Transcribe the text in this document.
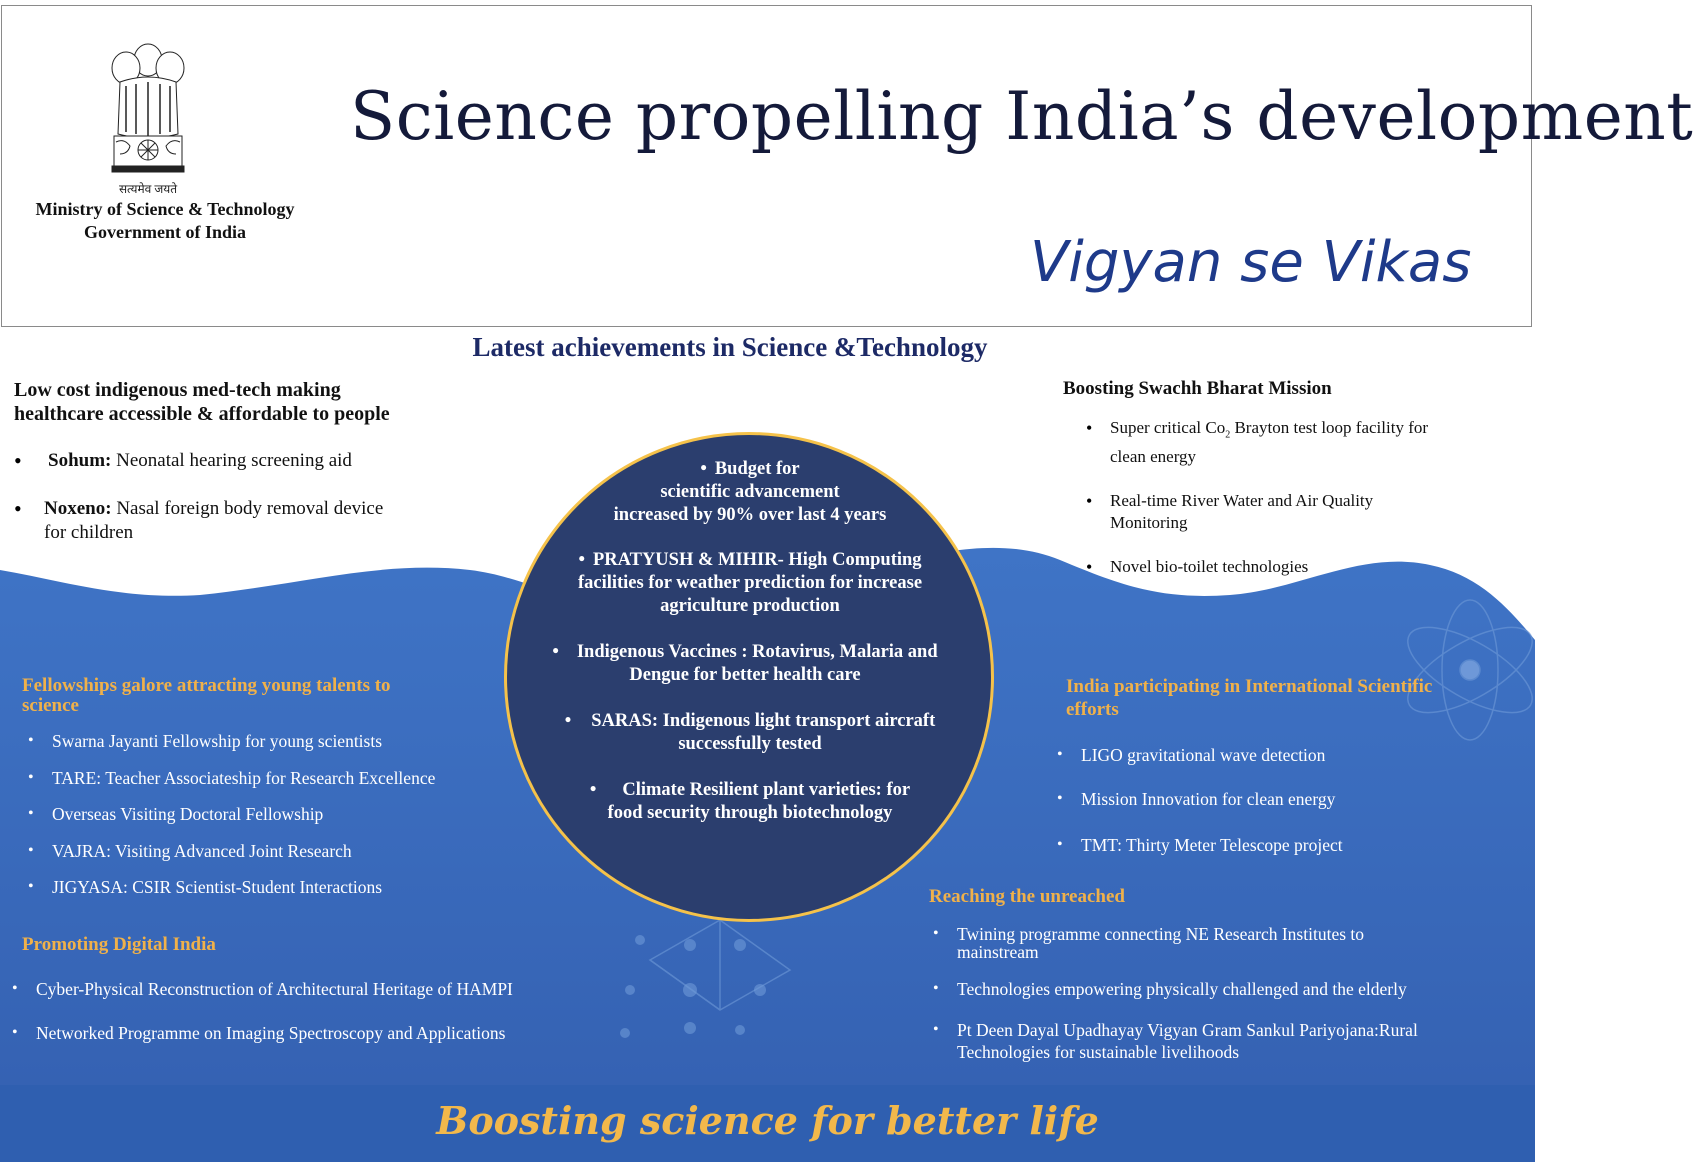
सत्यमेव जयते
Ministry of Science & Technology
Government of India
Science propelling India’s development
Vigyan se Vikas
Latest achievements in Science &Technology
Boosting science for better life
Low cost indigenous med-tech making
healthcare accessible & affordable to people
• Sohum: Neonatal hearing screening aid
• Noxeno: Nasal foreign body removal device
for children
Boosting Swachh Bharat Mission
• Super critical $Co_2$ Brayton test loop facility for
clean energy
• Real-time River Water and Air Quality
Monitoring
• Novel bio-toilet technologies
• Budget for
scientific advancement
increased by 90% over last 4 years
• PRATYUSH & MIHIR- High Computing
facilities for weather prediction for increase
agriculture production
• Indigenous Vaccines : Rotavirus, Malaria and
Dengue for better health care
• SARAS: Indigenous light transport aircraft
successfully tested
• Climate Resilient plant varieties: for
food security through biotechnology
Fellowships galore attracting young talents to
science
• Swarna Jayanti Fellowship for young scientists
• TARE: Teacher Associateship for Research Excellence
• Overseas Visiting Doctoral Fellowship
• VAJRA: Visiting Advanced Joint Research
• JIGYASA: CSIR Scientist-Student Interactions
Promoting Digital India
• Cyber-Physical Reconstruction of Architectural Heritage of HAMPI
• Networked Programme on Imaging Spectroscopy and Applications
India participating in International Scientific
efforts
• LIGO gravitational wave detection
• Mission Innovation for clean energy
• TMT: Thirty Meter Telescope project
Reaching the unreached
• Twining programme connecting NE Research Institutes to
mainstream
• Technologies empowering physically challenged and the elderly
• Pt Deen Dayal Upadhayay Vigyan Gram Sankul Pariyojana:Rural
Technologies for sustainable livelihoods
